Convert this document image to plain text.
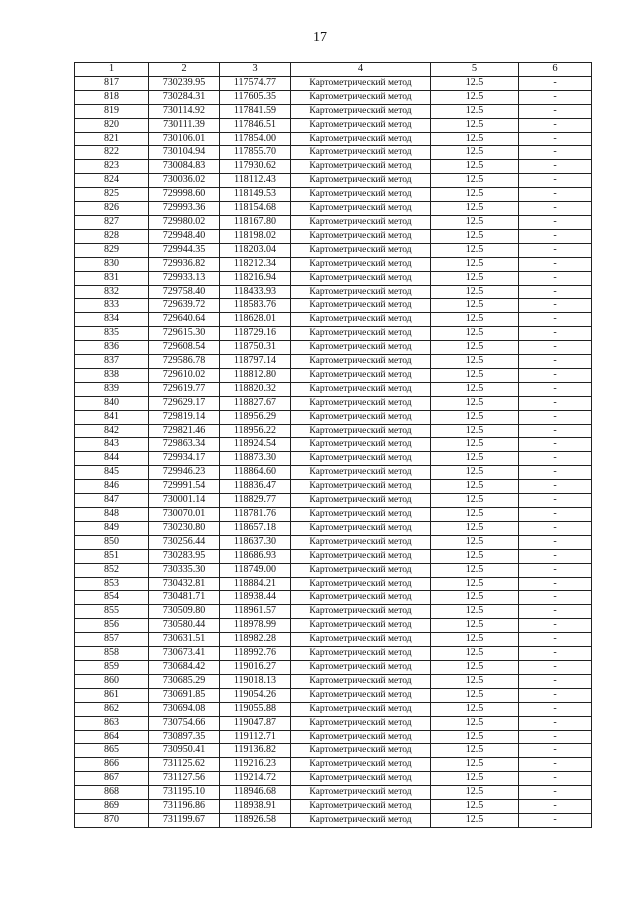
17
1	2	3	4	5	6
817	730239.95	117574.77	Картометрический метод	12.5	-
818	730284.31	117605.35	Картометрический метод	12.5	-
819	730114.92	117841.59	Картометрический метод	12.5	-
820	730111.39	117846.51	Картометрический метод	12.5	-
821	730106.01	117854.00	Картометрический метод	12.5	-
822	730104.94	117855.70	Картометрический метод	12.5	-
823	730084.83	117930.62	Картометрический метод	12.5	-
824	730036.02	118112.43	Картометрический метод	12.5	-
825	729998.60	118149.53	Картометрический метод	12.5	-
826	729993.36	118154.68	Картометрический метод	12.5	-
827	729980.02	118167.80	Картометрический метод	12.5	-
828	729948.40	118198.02	Картометрический метод	12.5	-
829	729944.35	118203.04	Картометрический метод	12.5	-
830	729936.82	118212.34	Картометрический метод	12.5	-
831	729933.13	118216.94	Картометрический метод	12.5	-
832	729758.40	118433.93	Картометрический метод	12.5	-
833	729639.72	118583.76	Картометрический метод	12.5	-
834	729640.64	118628.01	Картометрический метод	12.5	-
835	729615.30	118729.16	Картометрический метод	12.5	-
836	729608.54	118750.31	Картометрический метод	12.5	-
837	729586.78	118797.14	Картометрический метод	12.5	-
838	729610.02	118812.80	Картометрический метод	12.5	-
839	729619.77	118820.32	Картометрический метод	12.5	-
840	729629.17	118827.67	Картометрический метод	12.5	-
841	729819.14	118956.29	Картометрический метод	12.5	-
842	729821.46	118956.22	Картометрический метод	12.5	-
843	729863.34	118924.54	Картометрический метод	12.5	-
844	729934.17	118873.30	Картометрический метод	12.5	-
845	729946.23	118864.60	Картометрический метод	12.5	-
846	729991.54	118836.47	Картометрический метод	12.5	-
847	730001.14	118829.77	Картометрический метод	12.5	-
848	730070.01	118781.76	Картометрический метод	12.5	-
849	730230.80	118657.18	Картометрический метод	12.5	-
850	730256.44	118637.30	Картометрический метод	12.5	-
851	730283.95	118686.93	Картометрический метод	12.5	-
852	730335.30	118749.00	Картометрический метод	12.5	-
853	730432.81	118884.21	Картометрический метод	12.5	-
854	730481.71	118938.44	Картометрический метод	12.5	-
855	730509.80	118961.57	Картометрический метод	12.5	-
856	730580.44	118978.99	Картометрический метод	12.5	-
857	730631.51	118982.28	Картометрический метод	12.5	-
858	730673.41	118992.76	Картометрический метод	12.5	-
859	730684.42	119016.27	Картометрический метод	12.5	-
860	730685.29	119018.13	Картометрический метод	12.5	-
861	730691.85	119054.26	Картометрический метод	12.5	-
862	730694.08	119055.88	Картометрический метод	12.5	-
863	730754.66	119047.87	Картометрический метод	12.5	-
864	730897.35	119112.71	Картометрический метод	12.5	-
865	730950.41	119136.82	Картометрический метод	12.5	-
866	731125.62	119216.23	Картометрический метод	12.5	-
867	731127.56	119214.72	Картометрический метод	12.5	-
868	731195.10	118946.68	Картометрический метод	12.5	-
869	731196.86	118938.91	Картометрический метод	12.5	-
870	731199.67	118926.58	Картометрический метод	12.5	-
